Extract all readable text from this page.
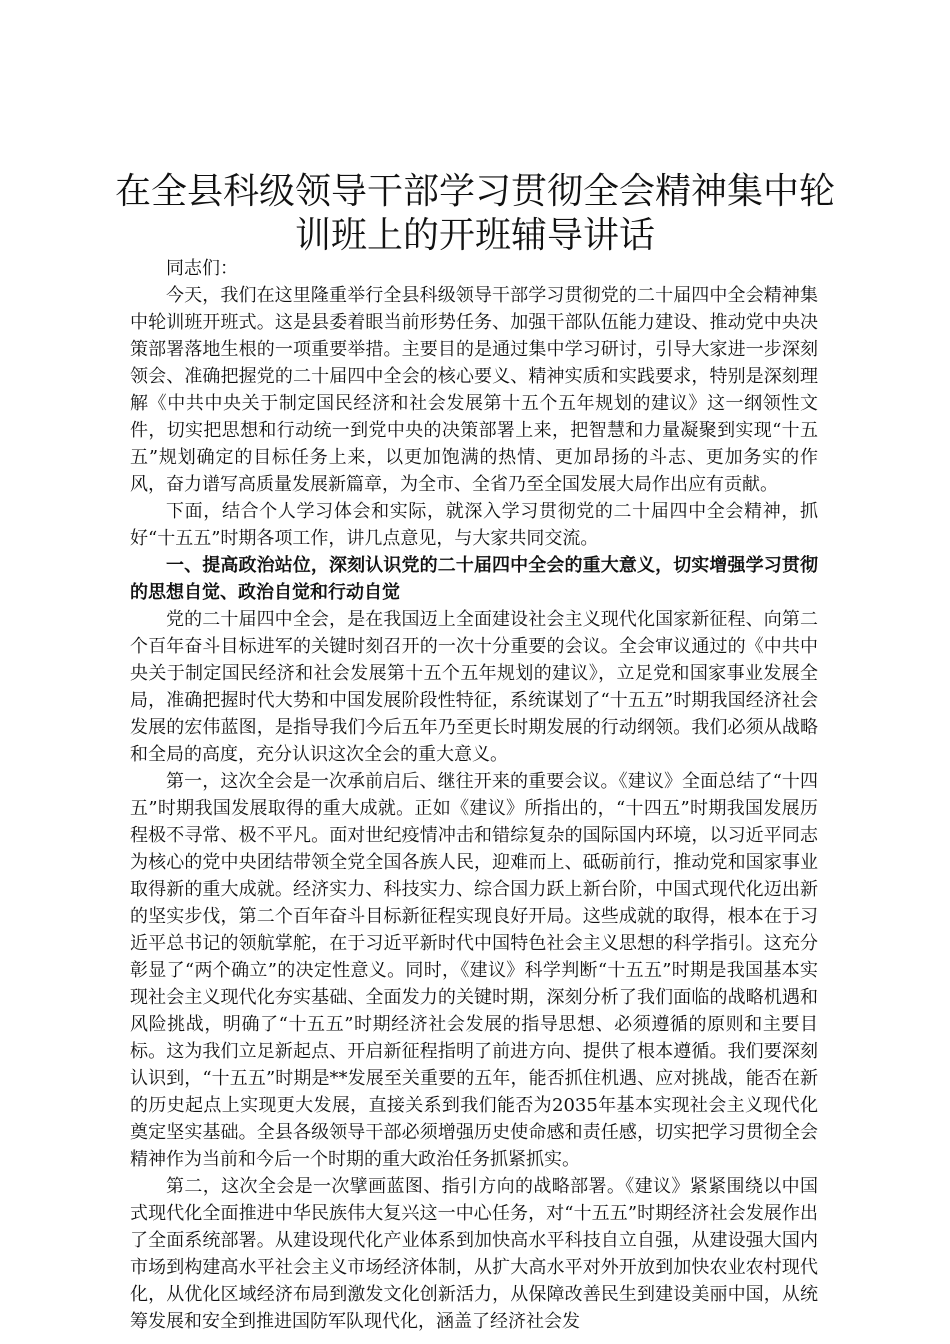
在全县科级领导干部学习贯彻全会精神集中轮训班上的开班辅导讲话

同志们：

今天，我们在这里隆重举行全县科级领导干部学习贯彻党的二十届四中全会精神集中轮训班开班式。这是县委着眼当前形势任务、加强干部队伍能力建设、推动党中央决策部署落地生根的一项重要举措。主要目的是通过集中学习研讨，引导大家进一步深刻领会、准确把握党的二十届四中全会的核心要义、精神实质和实践要求，特别是深刻理解《中共中央关于制定国民经济和社会发展第十五个五年规划的建议》这一纲领性文件，切实把思想和行动统一到党中央的决策部署上来，把智慧和力量凝聚到实现“十五五”规划确定的目标任务上来，以更加饱满的热情、更加昂扬的斗志、更加务实的作风，奋力谱写高质量发展新篇章，为全市、全省乃至全国发展大局作出应有贡献。

下面，结合个人学习体会和实际，就深入学习贯彻党的二十届四中全会精神，抓好“十五五”时期各项工作，讲几点意见，与大家共同交流。

一、提高政治站位，深刻认识党的二十届四中全会的重大意义，切实增强学习贯彻的思想自觉、政治自觉和行动自觉

党的二十届四中全会，是在我国迈上全面建设社会主义现代化国家新征程、向第二个百年奋斗目标进军的关键时刻召开的一次十分重要的会议。全会审议通过的《中共中央关于制定国民经济和社会发展第十五个五年规划的建议》，立足党和国家事业发展全局，准确把握时代大势和中国发展阶段性特征，系统谋划了“十五五”时期我国经济社会发展的宏伟蓝图，是指导我们今后五年乃至更长时期发展的行动纲领。我们必须从战略和全局的高度，充分认识这次全会的重大意义。

第一，这次全会是一次承前启后、继往开来的重要会议。《建议》全面总结了“十四五”时期我国发展取得的重大成就。正如《建议》所指出的，“十四五”时期我国发展历程极不寻常、极不平凡。面对世纪疫情冲击和错综复杂的国际国内环境，以习近平同志为核心的党中央团结带领全党全国各族人民，迎难而上、砥砺前行，推动党和国家事业取得新的重大成就。经济实力、科技实力、综合国力跃上新台阶，中国式现代化迈出新的坚实步伐，第二个百年奋斗目标新征程实现良好开局。这些成就的取得，根本在于习近平总书记的领航掌舵，在于习近平新时代中国特色社会主义思想的科学指引。这充分彰显了“两个确立”的决定性意义。同时，《建议》科学判断“十五五”时期是我国基本实现社会主义现代化夯实基础、全面发力的关键时期，深刻分析了我们面临的战略机遇和风险挑战，明确了“十五五”时期经济社会发展的指导思想、必须遵循的原则和主要目标。这为我们立足新起点、开启新征程指明了前进方向、提供了根本遵循。我们要深刻认识到，“十五五”时期是**发展至关重要的五年，能否抓住机遇、应对挑战，能否在新的历史起点上实现更大发展，直接关系到我们能否为2035年基本实现社会主义现代化奠定坚实基础。全县各级领导干部必须增强历史使命感和责任感，切实把学习贯彻全会精神作为当前和今后一个时期的重大政治任务抓紧抓实。

第二，这次全会是一次擘画蓝图、指引方向的战略部署。《建议》紧紧围绕以中国式现代化全面推进中华民族伟大复兴这一中心任务，对“十五五”时期经济社会发展作出了全面系统部署。从建设现代化产业体系到加快高水平科技自立自强，从建设强大国内市场到构建高水平社会主义市场经济体制，从扩大高水平对外开放到加快农业农村现代化，从优化区域经济布局到激发文化创新活力，从保障改善民生到建设美丽中国，从统筹发展和安全到推进国防军队现代化，涵盖了经济社会发
